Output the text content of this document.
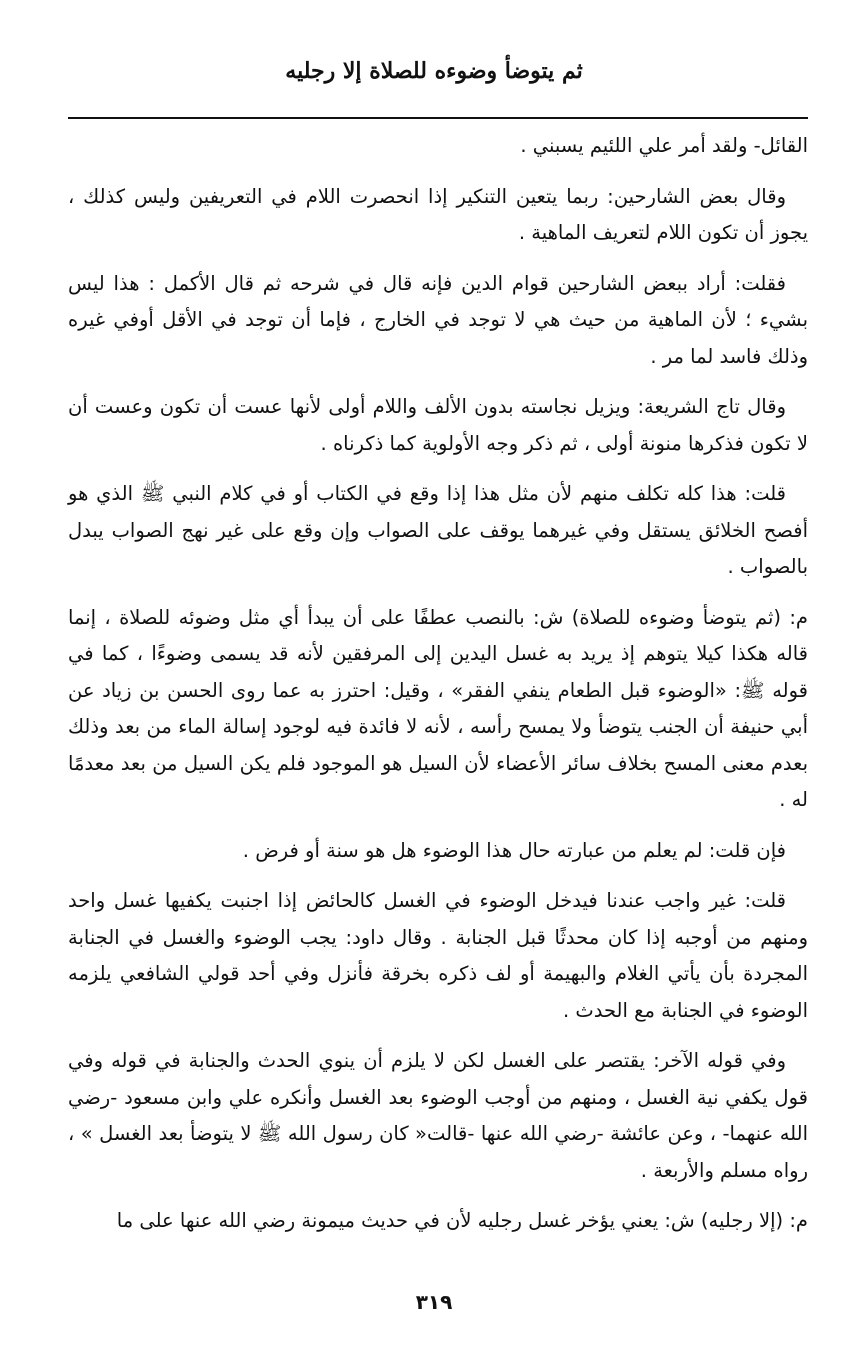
ثم يتوضأ وضوءه للصلاة إلا رجليه

القائل- ولقد أمر علي اللئيم يسبني .

وقال بعض الشارحين: ربما يتعين التنكير إذا انحصرت اللام في التعريفين وليس كذلك ، يجوز أن تكون اللام لتعريف الماهية .

فقلت: أراد ببعض الشارحين قوام الدين فإنه قال في شرحه ثم قال الأكمل : هذا ليس بشيء ؛ لأن الماهية من حيث هي لا توجد في الخارج ، فإما أن توجد في الأقل أوفي غيره وذلك فاسد لما مر .

وقال تاج الشريعة: ويزيل نجاسته بدون الألف واللام أولى لأنها عست أن تكون وعست أن لا تكون فذكرها منونة أولى ، ثم ذكر وجه الأولوية كما ذكرناه .

قلت: هذا كله تكلف منهم لأن مثل هذا إذا وقع في الكتاب أو في كلام النبي ﷺ الذي هو أفصح الخلائق يستقل وفي غيرهما يوقف على الصواب وإن وقع على غير نهج الصواب يبدل بالصواب .

م: (ثم يتوضأ وضوءه للصلاة) ش: بالنصب عطفًا على أن يبدأ أي مثل وضوئه للصلاة ، إنما قاله هكذا كيلا يتوهم إذ يريد به غسل اليدين إلى المرفقين لأنه قد يسمى وضوءًا ، كما في قوله ﷺ: «الوضوء قبل الطعام ينفي الفقر» ، وقيل: احترز به عما روى الحسن بن زياد عن أبي حنيفة أن الجنب يتوضأ ولا يمسح رأسه ، لأنه لا فائدة فيه لوجود إسالة الماء من بعد وذلك بعدم معنى المسح بخلاف سائر الأعضاء لأن السيل هو الموجود فلم يكن السيل من بعد معدمًا له .

فإن قلت: لم يعلم من عبارته حال هذا الوضوء هل هو سنة أو فرض .

قلت: غير واجب عندنا فيدخل الوضوء في الغسل كالحائض إذا اجنبت يكفيها غسل واحد ومنهم من أوجبه إذا كان محدثًا قبل الجنابة . وقال داود: يجب الوضوء والغسل في الجنابة المجردة بأن يأتي الغلام والبهيمة أو لف ذكره بخرقة فأنزل وفي أحد قولي الشافعي يلزمه الوضوء في الجنابة مع الحدث .

وفي قوله الآخر: يقتصر على الغسل لكن لا يلزم أن ينوي الحدث والجنابة في قوله وفي قول يكفي نية الغسل ، ومنهم من أوجب الوضوء بعد الغسل وأنكره علي وابن مسعود -رضي الله عنهما- ، وعن عائشة -رضي الله عنها -قالت« كان رسول الله ﷺ لا يتوضأ بعد الغسل » ، رواه مسلم والأربعة .

م: (إلا رجليه) ش: يعني يؤخر غسل رجليه لأن في حديث ميمونة رضي الله عنها على ما

٣١٩
